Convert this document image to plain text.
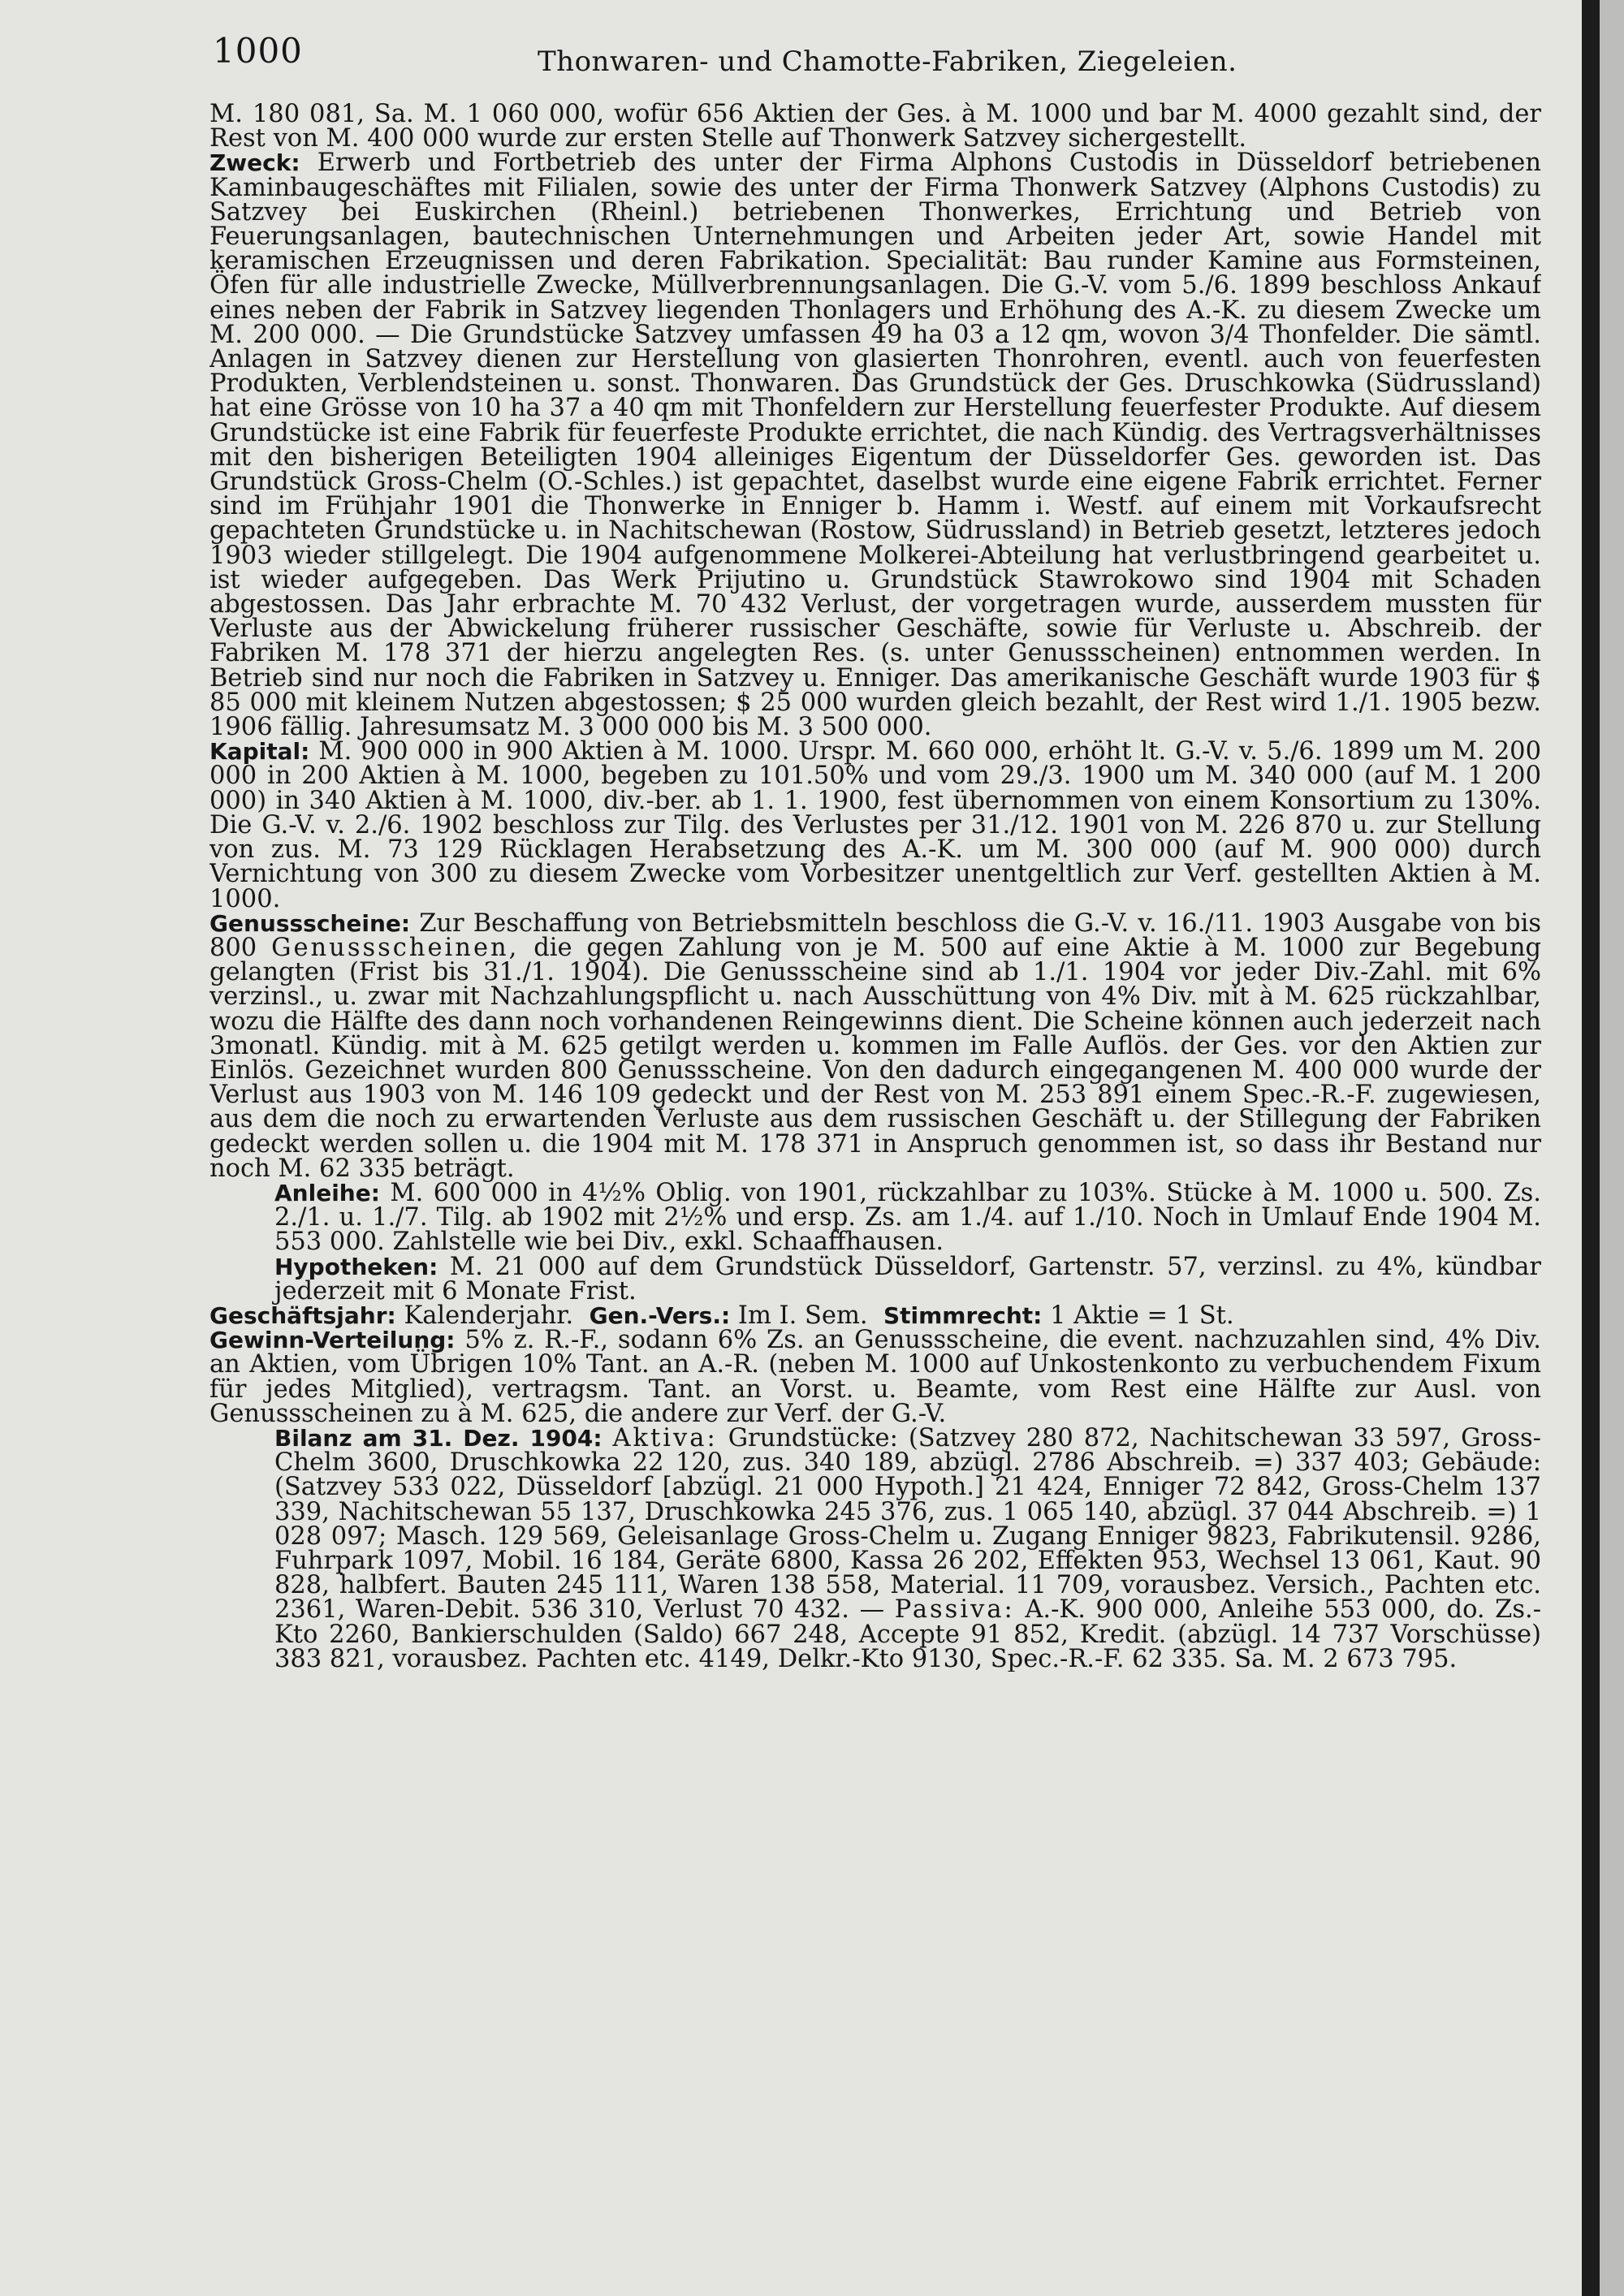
1000	Thonwaren- und Chamotte-Fabriken, Ziegeleien.

M. 180 081, Sa. M. 1 060 000, wofür 656 Aktien der Ges. à M. 1000 und bar M. 4000 gezahlt sind, der Rest von M. 400 000 wurde zur ersten Stelle auf Thonwerk Satzvey sichergestellt.

Zweck: Erwerb und Fortbetrieb des unter der Firma Alphons Custodis in Düsseldorf betriebenen Kaminbaugeschäftes mit Filialen, sowie des unter der Firma Thonwerk Satzvey (Alphons Custodis) zu Satzvey bei Euskirchen (Rheinl.) betriebenen Thonwerkes, Errichtung und Betrieb von Feuerungsanlagen, bautechnischen Unternehmungen und Arbeiten jeder Art, sowie Handel mit keramischen Erzeugnissen und deren Fabrikation. Specialität: Bau runder Kamine aus Formsteinen, Öfen für alle industrielle Zwecke, Müllverbrennungsanlagen. Die G.-V. vom 5./6. 1899 beschloss Ankauf eines neben der Fabrik in Satzvey liegenden Thonlagers und Erhöhung des A.-K. zu diesem Zwecke um M. 200 000. — Die Grundstücke Satzvey umfassen 49 ha 03 a 12 qm, wovon 3/4 Thonfelder. Die sämtl. Anlagen in Satzvey dienen zur Herstellung von glasierten Thonrohren, eventl. auch von feuerfesten Produkten, Verblendsteinen u. sonst. Thonwaren. Das Grundstück der Ges. Druschkowka (Südrussland) hat eine Grösse von 10 ha 37 a 40 qm mit Thonfeldern zur Herstellung feuerfester Produkte. Auf diesem Grundstücke ist eine Fabrik für feuerfeste Produkte errichtet, die nach Kündig. des Vertragsverhältnisses mit den bisherigen Beteiligten 1904 alleiniges Eigentum der Düsseldorfer Ges. geworden ist. Das Grundstück Gross-Chelm (O.-Schles.) ist gepachtet, daselbst wurde eine eigene Fabrik errichtet. Ferner sind im Frühjahr 1901 die Thonwerke in Enniger b. Hamm i. Westf. auf einem mit Vorkaufsrecht gepachteten Grundstücke u. in Nachitschewan (Rostow, Südrussland) in Betrieb gesetzt, letzteres jedoch 1903 wieder stillgelegt. Die 1904 aufgenommene Molkerei-Abteilung hat verlustbringend gearbeitet u. ist wieder aufgegeben. Das Werk Prijutino u. Grundstück Stawrokowo sind 1904 mit Schaden abgestossen. Das Jahr erbrachte M. 70 432 Verlust, der vorgetragen wurde, ausserdem mussten für Verluste aus der Abwickelung früherer russischer Geschäfte, sowie für Verluste u. Abschreib. der Fabriken M. 178 371 der hierzu angelegten Res. (s. unter Genussscheinen) entnommen werden. In Betrieb sind nur noch die Fabriken in Satzvey u. Enniger. Das amerikanische Geschäft wurde 1903 für $ 85 000 mit kleinem Nutzen abgestossen; $ 25 000 wurden gleich bezahlt, der Rest wird 1./1. 1905 bezw. 1906 fällig. Jahresumsatz M. 3 000 000 bis M. 3 500 000.

Kapital: M. 900 000 in 900 Aktien à M. 1000. Urspr. M. 660 000, erhöht lt. G.-V. v. 5./6. 1899 um M. 200 000 in 200 Aktien à M. 1000, begeben zu 101.50% und vom 29./3. 1900 um M. 340 000 (auf M. 1 200 000) in 340 Aktien à M. 1000, div.-ber. ab 1. 1. 1900, fest übernommen von einem Konsortium zu 130%. Die G.-V. v. 2./6. 1902 beschloss zur Tilg. des Verlustes per 31./12. 1901 von M. 226 870 u. zur Stellung von zus. M. 73 129 Rücklagen Herabsetzung des A.-K. um M. 300 000 (auf M. 900 000) durch Vernichtung von 300 zu diesem Zwecke vom Vorbesitzer unentgeltlich zur Verf. gestellten Aktien à M. 1000.

Genussscheine: Zur Beschaffung von Betriebsmitteln beschloss die G.-V. v. 16./11. 1903 Ausgabe von bis 800 Genussscheinen, die gegen Zahlung von je M. 500 auf eine Aktie à M. 1000 zur Begebung gelangten (Frist bis 31./1. 1904). Die Genussscheine sind ab 1./1. 1904 vor jeder Div.-Zahl. mit 6% verzinsl., u. zwar mit Nachzahlungspflicht u. nach Ausschüttung von 4% Div. mit à M. 625 rückzahlbar, wozu die Hälfte des dann noch vorhandenen Reingewinns dient. Die Scheine können auch jederzeit nach 3monatl. Kündig. mit à M. 625 getilgt werden u. kommen im Falle Auflös. der Ges. vor den Aktien zur Einlös. Gezeichnet wurden 800 Genussscheine. Von den dadurch eingegangenen M. 400 000 wurde der Verlust aus 1903 von M. 146 109 gedeckt und der Rest von M. 253 891 einem Spec.-R.-F. zugewiesen, aus dem die noch zu erwartenden Verluste aus dem russischen Geschäft u. der Stillegung der Fabriken gedeckt werden sollen u. die 1904 mit M. 178 371 in Anspruch genommen ist, so dass ihr Bestand nur noch M. 62 335 beträgt.

Anleihe: M. 600 000 in 4½% Oblig. von 1901, rückzahlbar zu 103%. Stücke à M. 1000 u. 500. Zs. 2./1. u. 1./7. Tilg. ab 1902 mit 2½% und ersp. Zs. am 1./4. auf 1./10. Noch in Umlauf Ende 1904 M. 553 000. Zahlstelle wie bei Div., exkl. Schaaffhausen.

Hypotheken: M. 21 000 auf dem Grundstück Düsseldorf, Gartenstr. 57, verzinsl. zu 4%, kündbar jederzeit mit 6 Monate Frist.

Geschäftsjahr: Kalenderjahr. Gen.-Vers.: Im I. Sem. Stimmrecht: 1 Aktie = 1 St.

Gewinn-Verteilung: 5% z. R.-F., sodann 6% Zs. an Genussscheine, die event. nachzuzahlen sind, 4% Div. an Aktien, vom Übrigen 10% Tant. an A.-R. (neben M. 1000 auf Unkostenkonto zu verbuchendem Fixum für jedes Mitglied), vertragsm. Tant. an Vorst. u. Beamte, vom Rest eine Hälfte zur Ausl. von Genussscheinen zu à M. 625, die andere zur Verf. der G.-V.

Bilanz am 31. Dez. 1904: Aktiva: Grundstücke: (Satzvey 280 872, Nachitschewan 33 597, Gross-Chelm 3600, Druschkowka 22 120, zus. 340 189, abzügl. 2786 Abschreib. =) 337 403; Gebäude: (Satzvey 533 022, Düsseldorf [abzügl. 21 000 Hypoth.] 21 424, Enniger 72 842, Gross-Chelm 137 339, Nachitschewan 55 137, Druschkowka 245 376, zus. 1 065 140, abzügl. 37 044 Abschreib. =) 1 028 097; Masch. 129 569, Geleisanlage Gross-Chelm u. Zugang Enniger 9823, Fabrikutensil. 9286, Fuhrpark 1097, Mobil. 16 184, Geräte 6800, Kassa 26 202, Effekten 953, Wechsel 13 061, Kaut. 90 828, halbfert. Bauten 245 111, Waren 138 558, Material. 11 709, vorausbez. Versich., Pachten etc. 2361, Waren-Debit. 536 310, Verlust 70 432. — Passiva: A.-K. 900 000, Anleihe 553 000, do. Zs.-Kto 2260, Bankierschulden (Saldo) 667 248, Accepte 91 852, Kredit. (abzügl. 14 737 Vorschüsse) 383 821, vorausbez. Pachten etc. 4149, Delkr.-Kto 9130, Spec.-R.-F. 62 335. Sa. M. 2 673 795.
